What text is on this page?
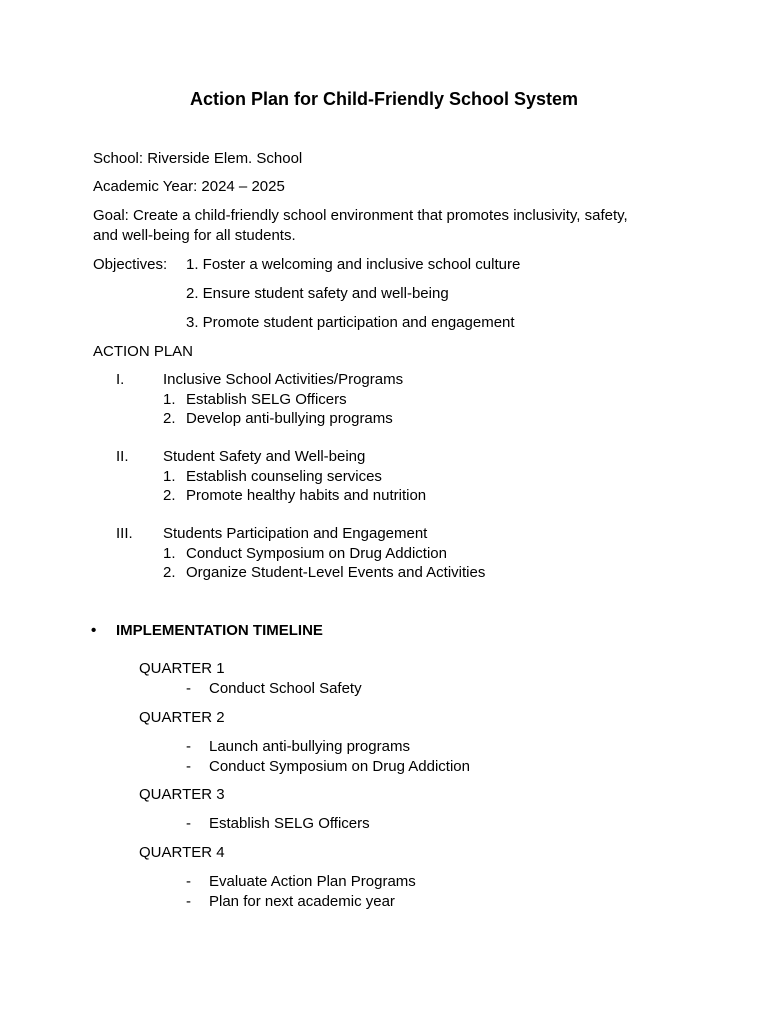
Action Plan for Child-Friendly School System
School: Riverside Elem. School
Academic Year: 2024 – 2025
Goal: Create a child-friendly school environment that promotes inclusivity, safety,
and well-being for all students.
Objectives: 1. Foster a welcoming and inclusive school culture
2. Ensure student safety and well-being
3. Promote student participation and engagement
ACTION PLAN
I.	Inclusive School Activities/Programs
1. Establish SELG Officers
2. Develop anti-bullying programs
II. Student Safety and Well-being
1. Establish counseling services
2. Promote healthy habits and nutrition
III. Students Participation and Engagement
1. Conduct Symposium on Drug Addiction
2. Organize Student-Level Events and Activities
• IMPLEMENTATION TIMELINE
QUARTER 1
- Conduct School Safety
QUARTER 2
- Launch anti-bullying programs
- Conduct Symposium on Drug Addiction
QUARTER 3
- Establish SELG Officers
QUARTER 4
- Evaluate Action Plan Programs
- Plan for next academic year
